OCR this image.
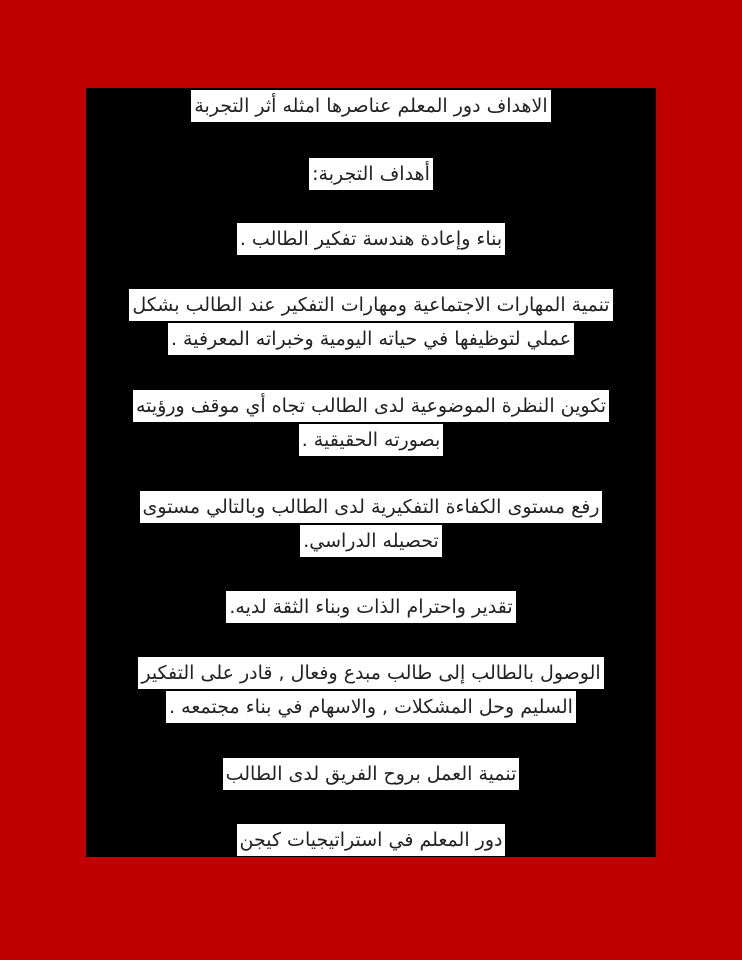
الاهداف دور المعلم عناصرها امثله أثر التجربة
أهداف التجربة:
بناء وإعادة هندسة تفكير الطالب .
تنمية المهارات الاجتماعية ومهارات التفكير عند الطالب بشكل
عملي لتوظيفها في حياته اليومية وخبراته المعرفية .
تكوين النظرة الموضوعية لدى الطالب تجاه أي موقف ورؤيته
بصورته الحقيقية .
رفع مستوى الكفاءة التفكيرية لدى الطالب وبالتالي مستوى
تحصيله الدراسي.
تقدير واحترام الذات وبناء الثقة لديه.
الوصول بالطالب إلى طالب مبدع وفعال , قادر على التفكير
السليم وحل المشكلات , والاسهام في بناء مجتمعه .
تنمية العمل بروح الفريق لدى الطالب
دور المعلم في استراتيجيات كيجن
